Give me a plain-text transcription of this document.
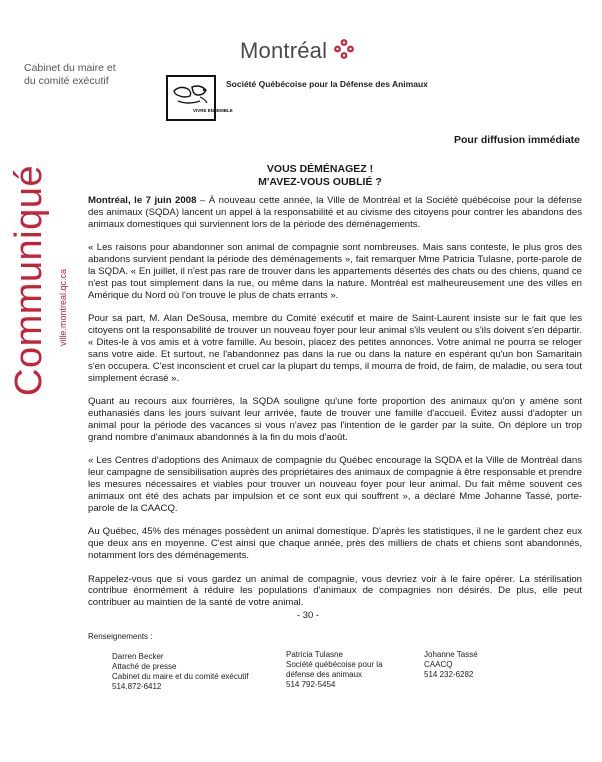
Montréal
Cabinet du maire et
du comité exécutif
VIVRE ENSEMBLE
Société Québécoise pour la Défense des Animaux
Communiqué ville.montreal.qc.ca
Pour diffusion immédiate
VOUS DÉMÉNAGEZ !
M'AVEZ-VOUS OUBLIÉ ?

Montréal, le 7 juin 2008 – À nouveau cette année, la Ville de Montréal et la Société québécoise pour la défense des animaux (SQDA) lancent un appel à la responsabilité et au civisme des citoyens pour contrer les abandons des animaux domestiques qui surviennent lors de la période des déménagements.

« Les raisons pour abandonner son animal de compagnie sont nombreuses. Mais sans conteste, le plus gros des abandons survient pendant la période des déménagements », fait remarquer Mme Patricia Tulasne, porte-parole de la SQDA. « En juillet, il n'est pas rare de trouver dans les appartements désertés des chats ou des chiens, quand ce n'est pas tout simplement dans la rue, ou même dans la nature. Montréal est malheureusement une des villes en Amérique du Nord où l'on trouve le plus de chats errants ».

Pour sa part, M. Alan DeSousa, membre du Comité exécutif et maire de Saint-Laurent insiste sur le fait que les citoyens ont la responsabilité de trouver un nouveau foyer pour leur animal s'ils veulent ou s'ils doivent s'en départir. « Dites-le à vos amis et à votre famille. Au besoin, placez des petites annonces. Votre animal ne pourra se reloger sans votre aide. Et surtout, ne l'abandonnez pas dans la rue ou dans la nature en espérant qu'un bon Samaritain s'en occupera. C'est inconscient et cruel car la plupart du temps, il mourra de froid, de faim, de maladie, ou sera tout simplement écrasé ».

Quant au recours aux fourrières, la SQDA souligne qu'une forte proportion des animaux qu'on y amène sont euthanasiés dans les jours suivant leur arrivée, faute de trouver une famille d'accueil. Évitez aussi d'adopter un animal pour la période des vacances si vous n'avez pas l'intention de le garder par la suite. On déplore un trop grand nombre d'animaux abandonnés à la fin du mois d'août.

« Les Centres d'adoptions des Animaux de compagnie du Québec encourage la SQDA et la Ville de Montréal dans leur campagne de sensibilisation auprès des propriétaires des animaux de compagnie à être responsable et prendre les mesures nécessaires et viables pour trouver un nouveau foyer pour leur animal. Du fait même souvent ces animaux ont été des achats par impulsion et ce sont eux qui souffrent », a déclaré Mme Johanne Tassé, porte-parole de la CAACQ.

Au Québec, 45% des ménages possèdent un animal domestique. D'après les statistiques, il ne le gardent chez eux que deux ans en moyenne. C'est ainsi que chaque année, près des milliers de chats et chiens sont abandonnés, notamment lors des déménagements.

Rappelez-vous que si vous gardez un animal de compagnie, vous devriez voir à le faire opérer. La stérilisation contribue énormément à réduire les populations d'animaux de compagnies non désirés. De plus, elle peut contribuer au maintien de la santé de votre animal.

- 30 -
Renseignements :
Darren Becker
Attaché de presse
Cabinet du maire et du comité exécutif
514.872-6412
Patricia Tulasne
Société québécoise pour la
défense des animaux
514 792-5454
Johanne Tassé
CAACQ
514 232-6282
